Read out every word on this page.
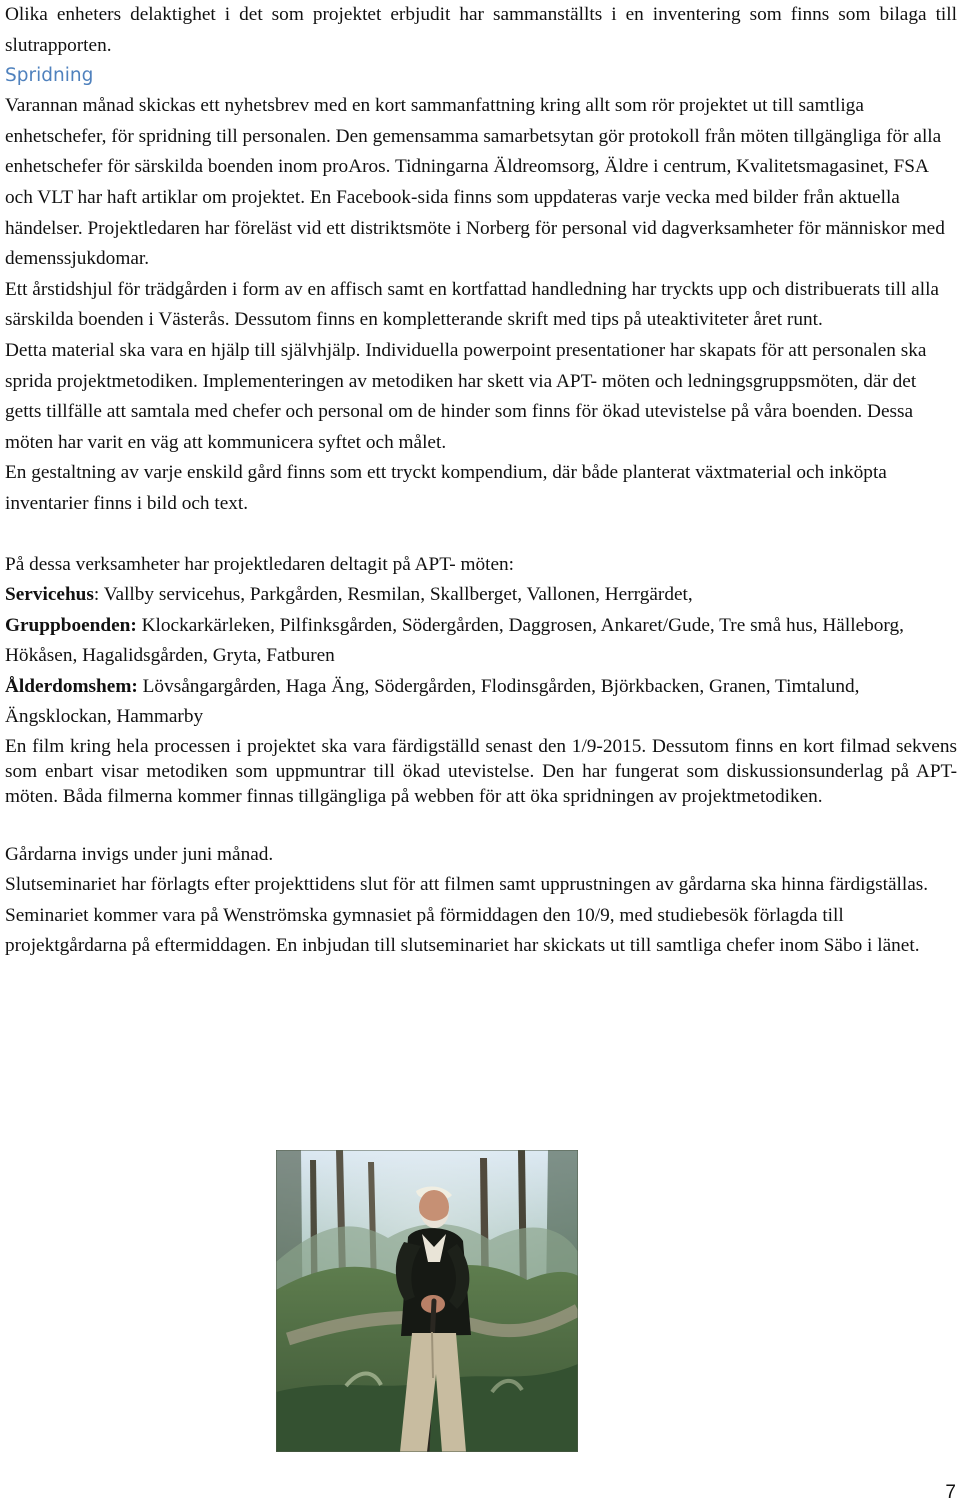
Olika enheters delaktighet i det som projektet erbjudit har sammanställts i en inventering som finns som bilaga till slutrapporten.

Spridning

Varannan månad skickas ett nyhetsbrev med en kort sammanfattning kring allt som rör projektet ut till samtliga enhetschefer, för spridning till personalen. Den gemensamma samarbetsytan gör protokoll från möten tillgängliga för alla enhetschefer för särskilda boenden inom proAros. Tidningarna Äldreomsorg, Äldre i centrum, Kvalitetsmagasinet, FSA och VLT har haft artiklar om projektet. En Facebook-sida finns som uppdateras varje vecka med bilder från aktuella händelser. Projektledaren har föreläst vid ett distriktsmöte i Norberg för personal vid dagverksamheter för människor med demenssjukdomar.

Ett årstidshjul för trädgården i form av en affisch samt en kortfattad handledning har tryckts upp och distribuerats till alla särskilda boenden i Västerås. Dessutom finns en kompletterande skrift med tips på uteaktiviteter året runt.

Detta material ska vara en hjälp till självhjälp. Individuella powerpoint presentationer har skapats för att personalen ska sprida projektmetodiken. Implementeringen av metodiken har skett via APT- möten och ledningsgruppsmöten, där det getts tillfälle att samtala med chefer och personal om de hinder som finns för ökad utevistelse på våra boenden. Dessa möten har varit en väg att kommunicera syftet och målet.

En gestaltning av varje enskild gård finns som ett tryckt kompendium, där både planterat växtmaterial och inköpta inventarier finns i bild och text.

På dessa verksamheter har projektledaren deltagit på APT- möten:

Servicehus: Vallby servicehus, Parkgården, Resmilan, Skallberget, Vallonen, Herrgärdet,

Gruppboenden: Klockarkärleken, Pilfinksgården, Södergården, Daggrosen, Ankaret/Gude, Tre små hus, Hälleborg, Hökåsen, Hagalidsgården, Gryta, Fatburen

Ålderdomshem: Lövsångargården, Haga Äng, Södergården, Flodinsgården, Björkbacken, Granen, Timtalund, Ängsklockan, Hammarby

En film kring hela processen i projektet ska vara färdigställd senast den 1/9-2015. Dessutom finns en kort filmad sekvens som enbart visar metodiken som uppmuntrar till ökad utevistelse. Den har fungerat som diskussionsunderlag på APT- möten. Båda filmerna kommer finnas tillgängliga på webben för att öka spridningen av projektmetodiken.

Gårdarna invigs under juni månad.

Slutseminariet har förlagts efter projekttidens slut för att filmen samt upprustningen av gårdarna ska hinna färdigställas. Seminariet kommer vara på Wenströmska gymnasiet på förmiddagen den 10/9, med studiebesök förlagda till projektgårdarna på eftermiddagen. En inbjudan till slutseminariet har skickats ut till samtliga chefer inom Säbo i länet.

7
